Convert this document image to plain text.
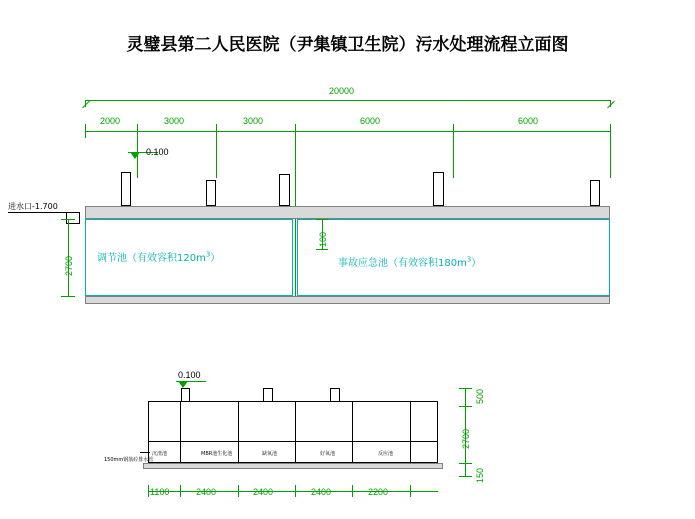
灵璧县第二人民医院（尹集镇卫生院）污水处理流程立面图
20000
2000	3000	3000	6000	6000
0.100
进水口-1.700
调节池（有效容积$120m^3$）	事故应急池（有效容积$180m^3$）
2700
100
0.100
150mm钢筋砼排水管
沉渣池	MBR池生化池	缺氧池	好氧池	反应池
1100	2400	2400	2400	2200
500
2700
150
